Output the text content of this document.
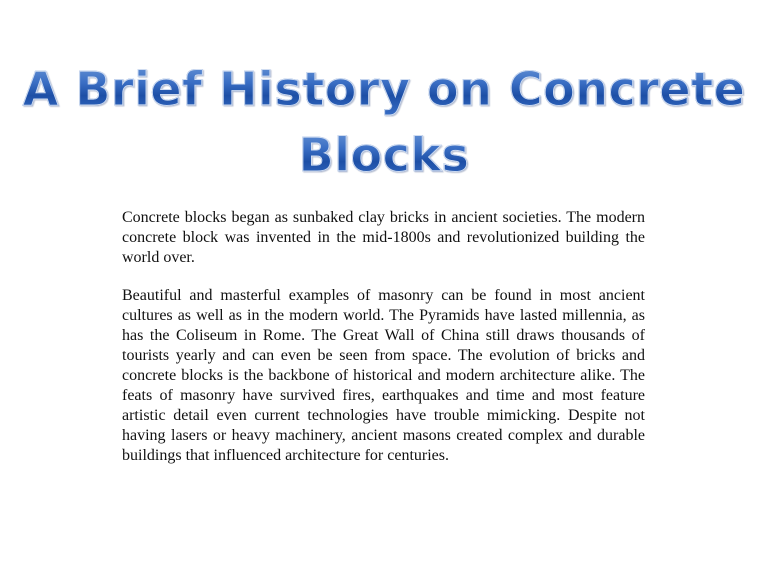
A Brief History on Concrete
Blocks

Concrete blocks began as sunbaked clay bricks in ancient societies. The modern concrete block was invented in the mid-1800s and revolutionized building the world over.

Beautiful and masterful examples of masonry can be found in most ancient cultures as well as in the modern world. The Pyramids have lasted millennia, as has the Coliseum in Rome. The Great Wall of China still draws thousands of tourists yearly and can even be seen from space. The evolution of bricks and concrete blocks is the backbone of historical and modern architecture alike. The feats of masonry have survived fires, earthquakes and time and most feature artistic detail even current technologies have trouble mimicking. Despite not having lasers or heavy machinery, ancient masons created complex and durable buildings that influenced architecture for centuries.
